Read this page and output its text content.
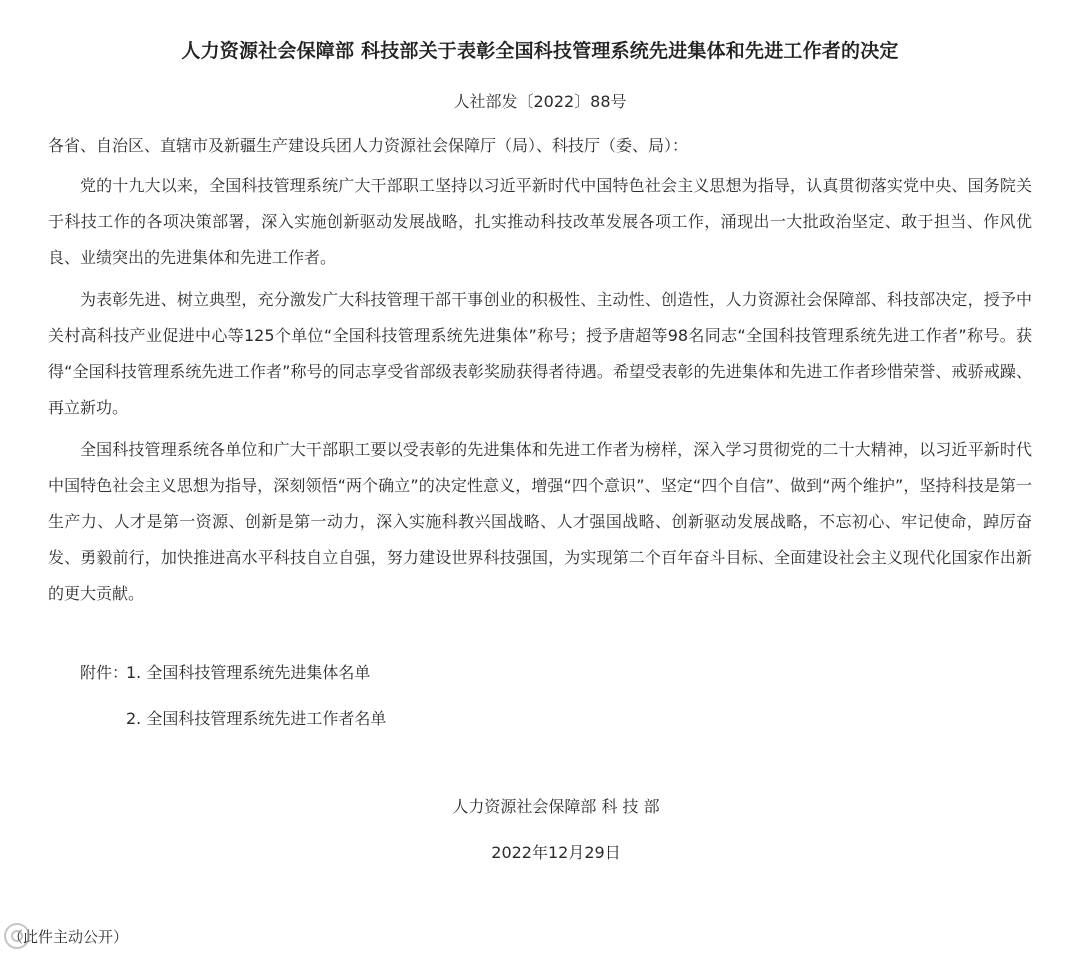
人力资源社会保障部 科技部关于表彰全国科技管理系统先进集体和先进工作者的决定
人社部发〔2022〕88号
各省、自治区、直辖市及新疆生产建设兵团人力资源社会保障厅（局）、科技厅（委、局）：

党的十九大以来，全国科技管理系统广大干部职工坚持以习近平新时代中国特色社会主义思想为指导，认真贯彻落实党中央、国务院关于科技工作的各项决策部署，深入实施创新驱动发展战略，扎实推动科技改革发展各项工作，涌现出一大批政治坚定、敢于担当、作风优良、业绩突出的先进集体和先进工作者。

为表彰先进、树立典型，充分激发广大科技管理干部干事创业的积极性、主动性、创造性，人力资源社会保障部、科技部决定，授予中关村高科技产业促进中心等125个单位“全国科技管理系统先进集体”称号；授予唐超等98名同志“全国科技管理系统先进工作者”称号。获得“全国科技管理系统先进工作者”称号的同志享受省部级表彰奖励获得者待遇。希望受表彰的先进集体和先进工作者珍惜荣誉、戒骄戒躁、再立新功。

全国科技管理系统各单位和广大干部职工要以受表彰的先进集体和先进工作者为榜样，深入学习贯彻党的二十大精神，以习近平新时代中国特色社会主义思想为指导，深刻领悟“两个确立”的决定性意义，增强“四个意识”、坚定“四个自信”、做到“两个维护”，坚持科技是第一生产力、人才是第一资源、创新是第一动力，深入实施科教兴国战略、人才强国战略、创新驱动发展战略，不忘初心、牢记使命，踔厉奋发、勇毅前行，加快推进高水平科技自立自强，努力建设世界科技强国，为实现第二个百年奋斗目标、全面建设社会主义现代化国家作出新的更大贡献。

附件：
1. 全国科技管理系统先进集体名单
2. 全国科技管理系统先进工作者名单
人力资源社会保障部 科 技 部
2022年12月29日
（此件主动公开）
